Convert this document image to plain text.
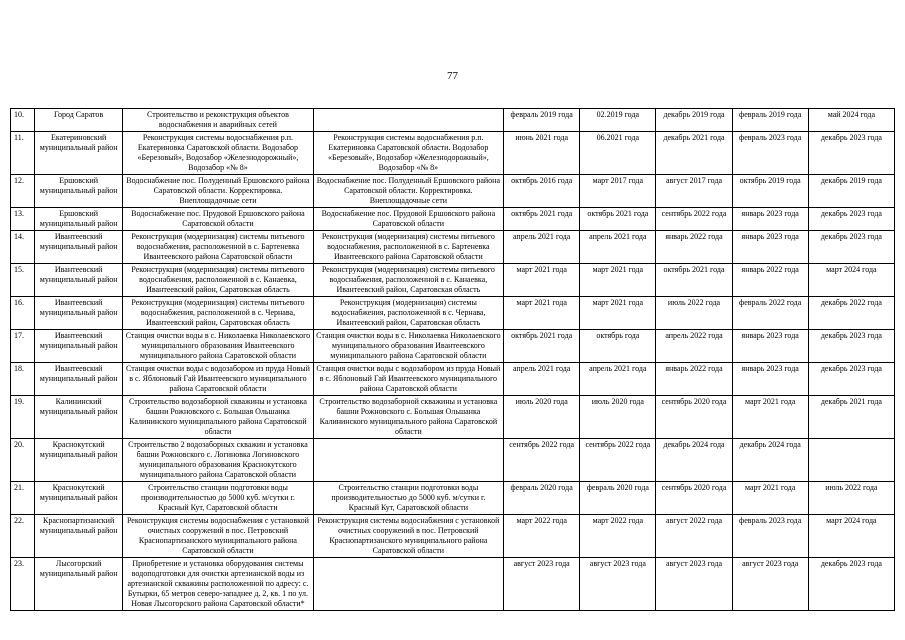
77
10.	Город Саратов	Строительство и реконструкция объектов водоснабжения и аварийных сетей		февраль 2019 года	02.2019 года	декабрь 2019 года	февраль 2019 года	май 2024 года
11.	Екатериновский муниципальный район	Реконструкция системы водоснабжения р.п. Екатериновка Саратовской области. Водозабор «Березовый», Водозабор «Железнодорожный», Водозабор «№ 8»	Реконструкция системы водоснабжения р.п. Екатериновка Саратовской области. Водозабор «Березовый», Водозабор «Железнодорожный», Водозабор «№ 8»	июнь 2021 года	06.2021 года	декабрь 2021 года	февраль 2023 года	декабрь 2023 года
12.	Ершовский муниципальный район	Водоснабжение пос. Полуденный Ершовского района Саратовской области. Корректировка. Внеплощадочные сети	Водоснабжение пос. Полуденный Ершовского района Саратовской области. Корректировка. Внеплощадочные сети	октябрь 2016 года	март 2017 года	август 2017 года	октябрь 2019 года	декабрь 2019 года
13.	Ершовский муниципальный район	Водоснабжение пос. Прудовой Ершовского района Саратовской области	Водоснабжение пос. Прудовой Ершовского района Саратовской области	октябрь 2021 года	октябрь 2021 года	сентябрь 2022 года	январь 2023 года	декабрь 2023 года
14.	Ивантеевский муниципальный район	Реконструкция (модернизация) системы питьевого водоснабжения, расположенной в с. Бартеневка Ивантеевского района Саратовской области	Реконструкция (модернизация) системы питьевого водоснабжения, расположенной в с. Бартеневка Ивантеевского района Саратовской области	апрель 2021 года	апрель 2021 года	январь 2022 года	январь 2023 года	декабрь 2023 года
15.	Ивантеевский муниципальный район	Реконструкция (модернизация) системы питьевого водоснабжения, расположенной в с. Канаевка, Ивантеевский район, Саратовская область	Реконструкция (модернизация) системы питьевого водоснабжения, расположенной в с. Канаевка, Ивантеевский район, Саратовская область	март 2021 года	март 2021 года	октябрь 2021 года	январь 2022 года	март 2024 года
16.	Ивантеевский муниципальный район	Реконструкция (модернизация) системы питьевого водоснабжения, расположенной в с. Чернава, Ивантеевский район, Саратовская область	Реконструкция (модернизация) системы водоснабжения, расположенной в с. Чернава, Ивантеевский район, Саратовская область	март 2021 года	март 2021 года	июль 2022 года	февраль 2022 года	декабрь 2022 года
17.	Ивантеевский муниципальный район	Станция очистки воды в с. Николаевка Николаевского муниципального образования Ивантеевского муниципального района Саратовской области	Станция очистки воды в с. Николаевка Николаевского муниципального образования Ивантеевского муниципального района Саратовской области	октябрь 2021 года	октябрь года	апрель 2022 года	январь 2023 года	декабрь 2023 года
18.	Ивантеевский муниципальный район	Станция очистки воды с водозабором из пруда Новый в с. Яблоновый Гай Ивантеевского муниципального района Саратовской области	Станция очистки воды с водозабором из пруда Новый в с. Яблоновый Гай Ивантеевского муниципального района Саратовской области	апрель 2021 года	апрель 2021 года	январь 2022 года	январь 2023 года	декабрь 2023 года
19.	Калининский муниципальный район	Строительство водозаборной скважины и установка башни Рожновского с. Большая Ольшанка Калининского муниципального района Саратовской области	Строительство водозаборной скважины и установка башни Рожновского с. Большая Ольшанка Калининского муниципального района Саратовской области	июль 2020 года	июль 2020 года	сентябрь 2020 года	март 2021 года	декабрь 2021 года
20.	Краснокутский муниципальный район	Строительство 2 водозаборных скважин и установка башни Рожновского с. Логиновка Логиновского муниципального образования Краснокутского муниципального района Саратовской области		сентябрь 2022 года	сентябрь 2022 года	декабрь 2024 года	декабрь 2024 года	
21.	Краснокутский муниципальный район	Строительство станции подготовки воды производительностью до 5000 куб. м/сутки г. Красный Кут, Саратовской области	Строительство станции подготовки воды производительностью до 5000 куб. м/сутки г. Красный Кут, Саратовской области	февраль 2020 года	февраль 2020 года	сентябрь 2020 года	март 2021 года	июль 2022 года
22.	Краснопартизанский муниципальный район	Реконструкция системы водоснабжения с установкой очистных сооружений в пос. Петровский Краснопартизанского муниципального района Саратовской области	Реконструкция системы водоснабжения с установкой очистных сооружений в пос. Петровский Краснопартизанского муниципального района Саратовской области	март 2022 года	март 2022 года	август 2022 года	февраль 2023 года	март 2024 года
23.	Лысогорский муниципальный район	Приобретение и установка оборудования системы водоподготовки для очистки артезианской воды из артезианской скважины расположенной по адресу: с. Бутырки, 65 метров северо-западнее д. 2, кв. 1 по ул. Новая Лысогорского района Саратовской области*		август 2023 года	август 2023 года	август 2023 года	август 2023 года	декабрь 2023 года
